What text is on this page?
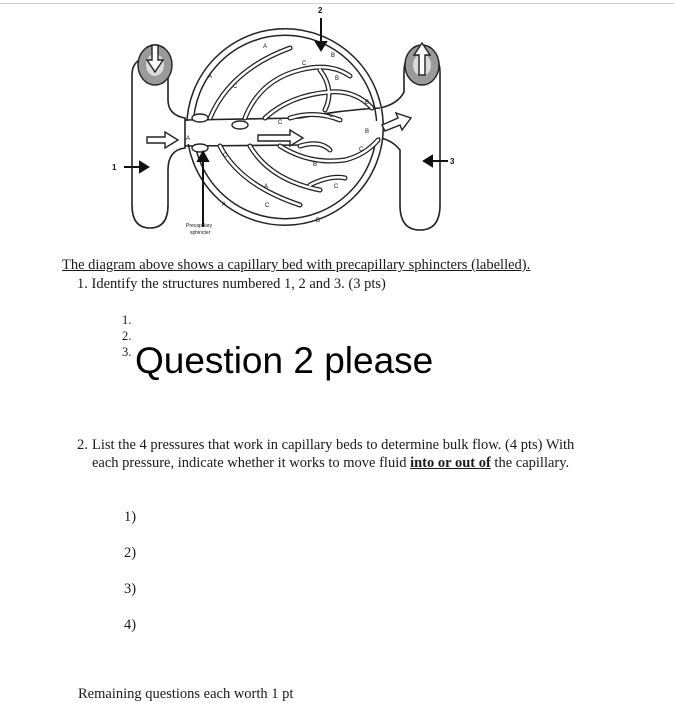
1
2
3
A
A
A
A
A
B
B
B
B
B
B
C
C
C
C
C
C
C
C
Precapillary
sphincter
The diagram above shows a capillary bed with precapillary sphincters (labelled).
1. Identify the structures numbered 1, 2 and 3. (3 pts)
1.
2.
3. Question 2 please
2. List the 4 pressures that work in capillary beds to determine bulk flow. (4 pts) With each pressure, indicate whether it works to move fluid into or out of the capillary.
1)
2)
3)
4)
Remaining questions each worth 1 pt
